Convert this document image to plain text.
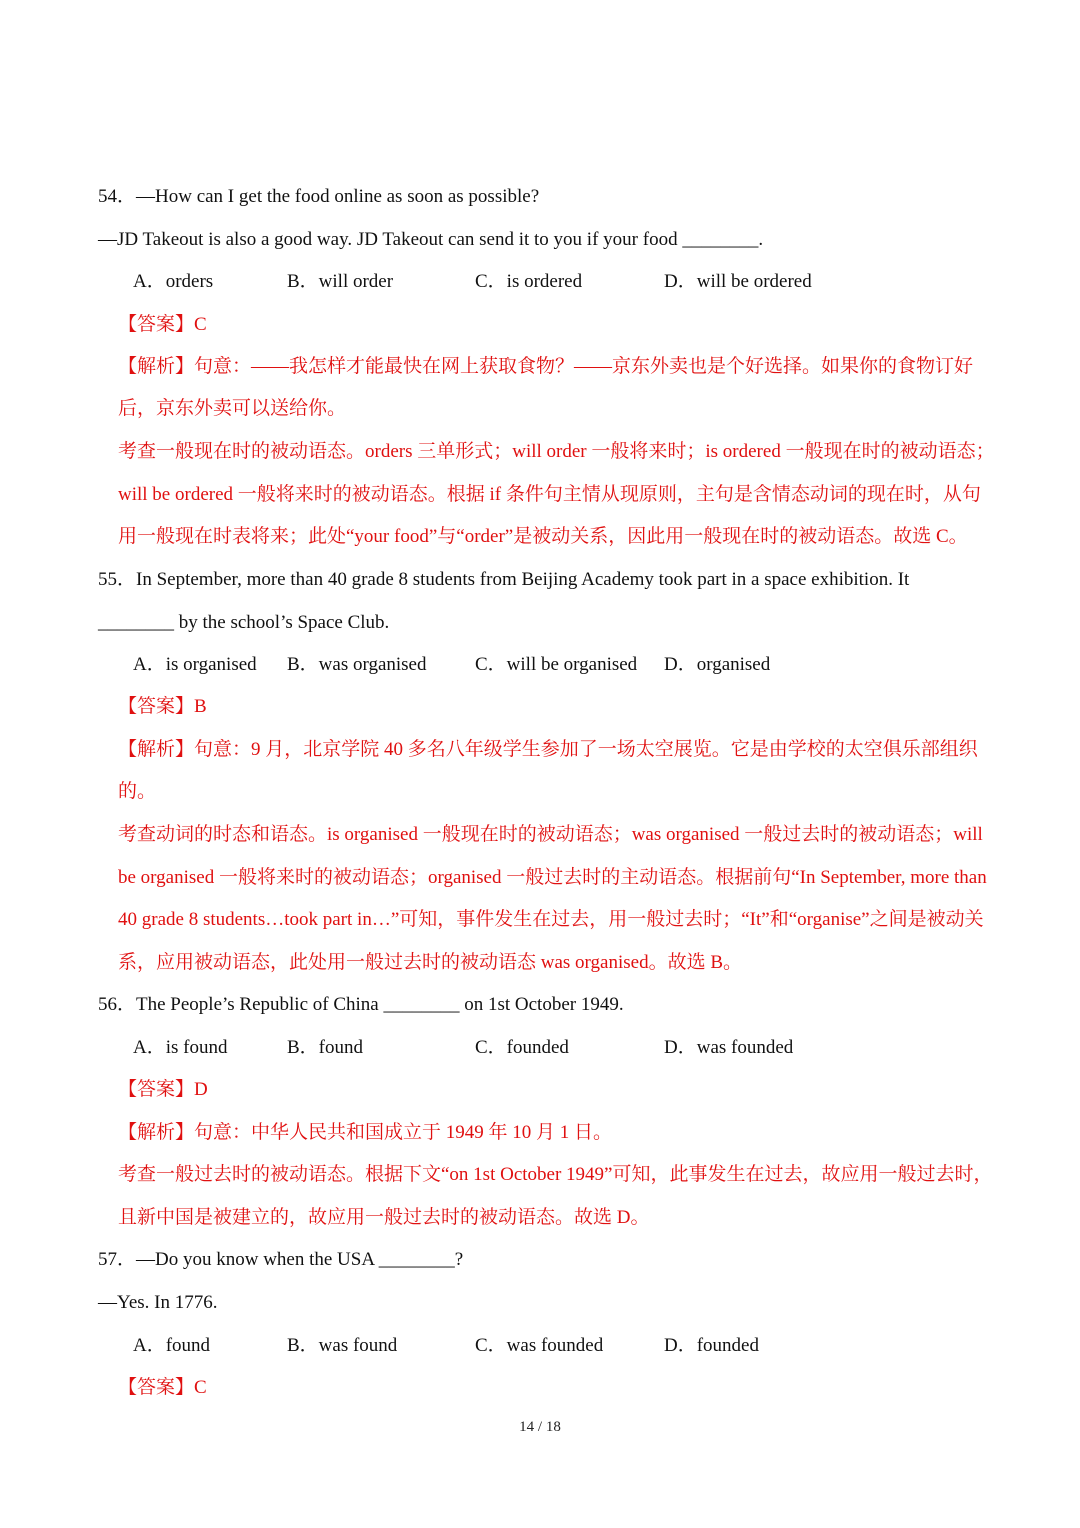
54．—How can I get the food online as soon as possible?
—JD Takeout is also a good way. JD Takeout can send it to you if your food ________.
A．orders	B．will order	C．is ordered	D．will be ordered
【答案】C
【解析】句意：——我怎样才能最快在网上获取食物？——京东外卖也是个好选择。如果你的食物订好
后，京东外卖可以送给你。
考查一般现在时的被动语态。orders 三单形式；will order 一般将来时；is ordered 一般现在时的被动语态；
will be ordered 一般将来时的被动语态。根据 if 条件句主情从现原则，主句是含情态动词的现在时，从句
用一般现在时表将来；此处“your food”与“order”是被动关系，因此用一般现在时的被动语态。故选 C。
55．In September, more than 40 grade 8 students from Beijing Academy took part in a space exhibition. It
________ by the school’s Space Club.
A．is organised B．was organised	C．will be organised D．organised
【答案】B
【解析】句意：9 月，北京学院 40 多名八年级学生参加了一场太空展览。它是由学校的太空俱乐部组织
的。
考查动词的时态和语态。is organised 一般现在时的被动语态；was organised 一般过去时的被动语态；will
be organised 一般将来时的被动语态；organised 一般过去时的主动语态。根据前句“In September, more than
40 grade 8 students…took part in…”可知，事件发生在过去，用一般过去时；“It”和“organise”之间是被动关
系，应用被动语态，此处用一般过去时的被动语态 was organised。故选 B。
56．The People’s Republic of China ________ on 1st October 1949.
A．is found	B．found	C．founded	D．was founded
【答案】D
【解析】句意：中华人民共和国成立于 1949 年 10 月 1 日。
考查一般过去时的被动语态。根据下文“on 1st October 1949”可知，此事发生在过去，故应用一般过去时，
且新中国是被建立的，故应用一般过去时的被动语态。故选 D。
57．—Do you know when the USA ________?
—Yes. In 1776.
A．found	B．was found	C．was founded	D．founded
【答案】C
14 / 18
